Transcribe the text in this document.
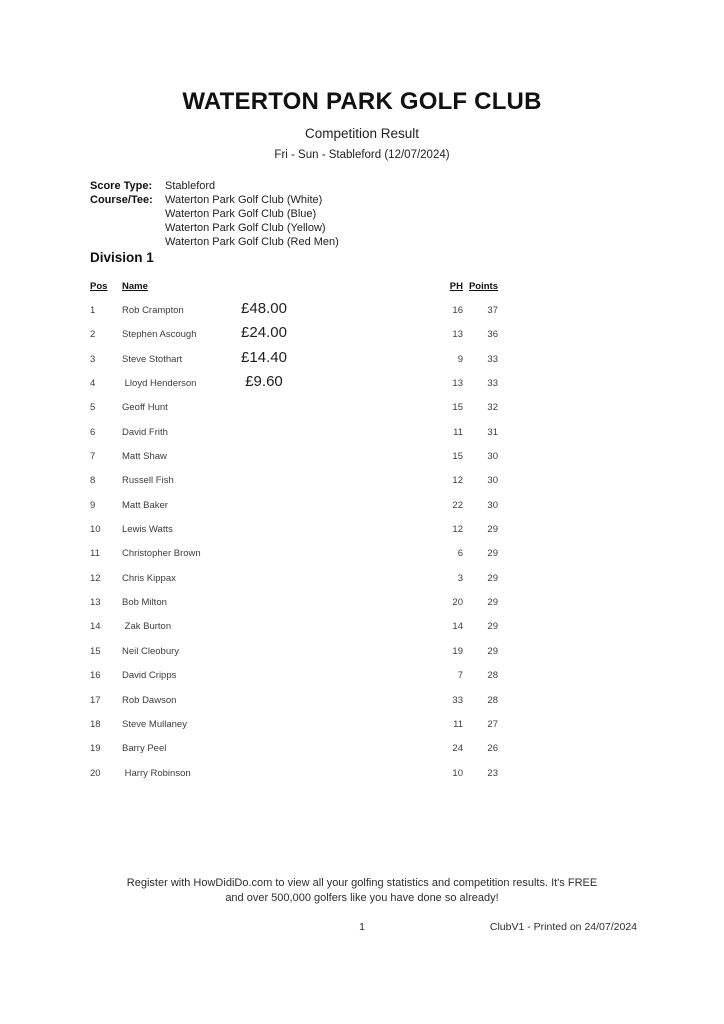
WATERTON PARK GOLF CLUB
Competition Result
Fri - Sun - Stableford (12/07/2024)
Score Type: Stableford
Course/Tee: Waterton Park Golf Club (White)
Waterton Park Golf Club (Blue)
Waterton Park Golf Club (Yellow)
Waterton Park Golf Club (Red Men)
Division 1
Pos Name	PH Points
1	Rob Crampton	£48.00	16	37
2	Stephen Ascough	£24.00	13	36
3	Steve Stothart	£14.40	9	33
4	Lloyd Henderson	£9.60	13	33
5	Geoff Hunt	15	32
6	David Frith	11	31
7	Matt Shaw	15	30
8	Russell Fish	12	30
9	Matt Baker	22	30
10 Lewis Watts	12	29
11 Christopher Brown	6	29
12 Chris Kippax	3	29
13 Bob Milton	20	29
14 Zak Burton	14	29
15 Neil Cleobury	19	29
16 David Cripps	7	28
17 Rob Dawson	33	28
18 Steve Mullaney	11	27
19 Barry Peel	24	26
20 Harry Robinson	10	23
Register with HowDidiDo.com to view all your golfing statistics and competition results. It's FREE
and over 500,000 golfers like you have done so already!
1	ClubV1 - Printed on 24/07/2024
